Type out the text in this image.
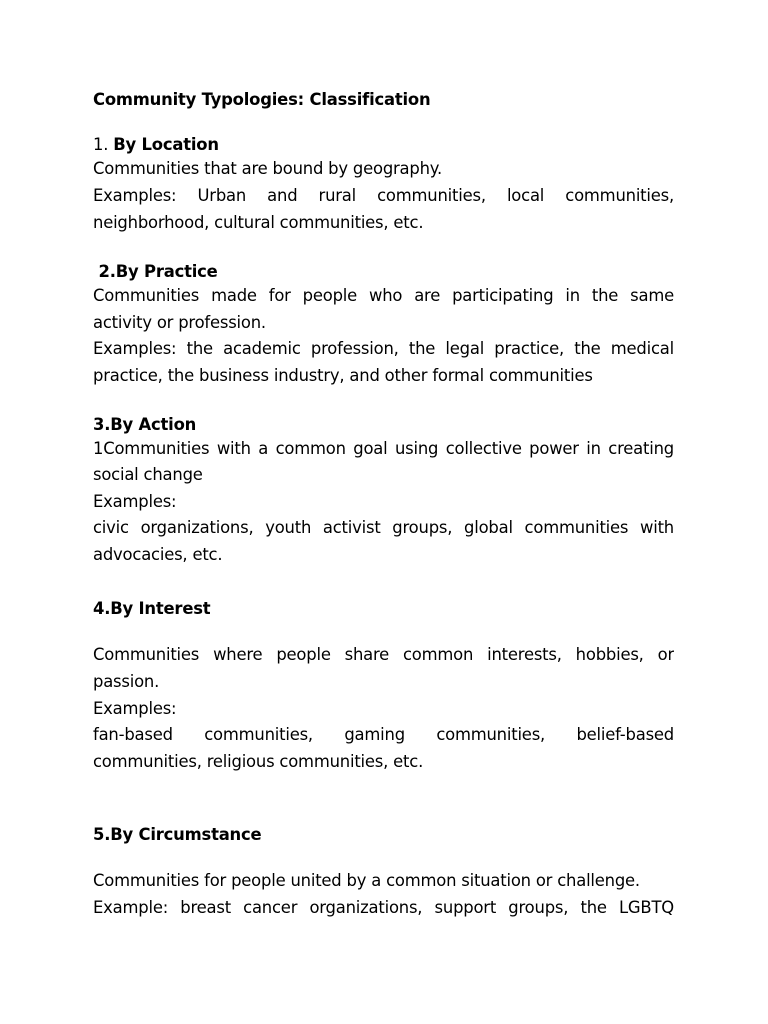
Community Typologies: Classification
1. By Location
Communities that are bound by geography.
Examples: Urban and rural communities, local communities,
neighborhood, cultural communities, etc.
2.By Practice
Communities made for people who are participating in the same
activity or profession.
Examples: the academic profession, the legal practice, the medical
practice, the business industry, and other formal communities
3.By Action
1Communities with a common goal using collective power in creating
social change
Examples:
civic organizations, youth activist groups, global communities with
advocacies, etc.
4.By Interest
Communities where people share common interests, hobbies, or
passion.
Examples:
fan-based communities, gaming communities, belief-based
communities, religious communities, etc.
5.By Circumstance
Communities for people united by a common situation or challenge.
Example: breast cancer organizations, support groups, the LGBTQ
